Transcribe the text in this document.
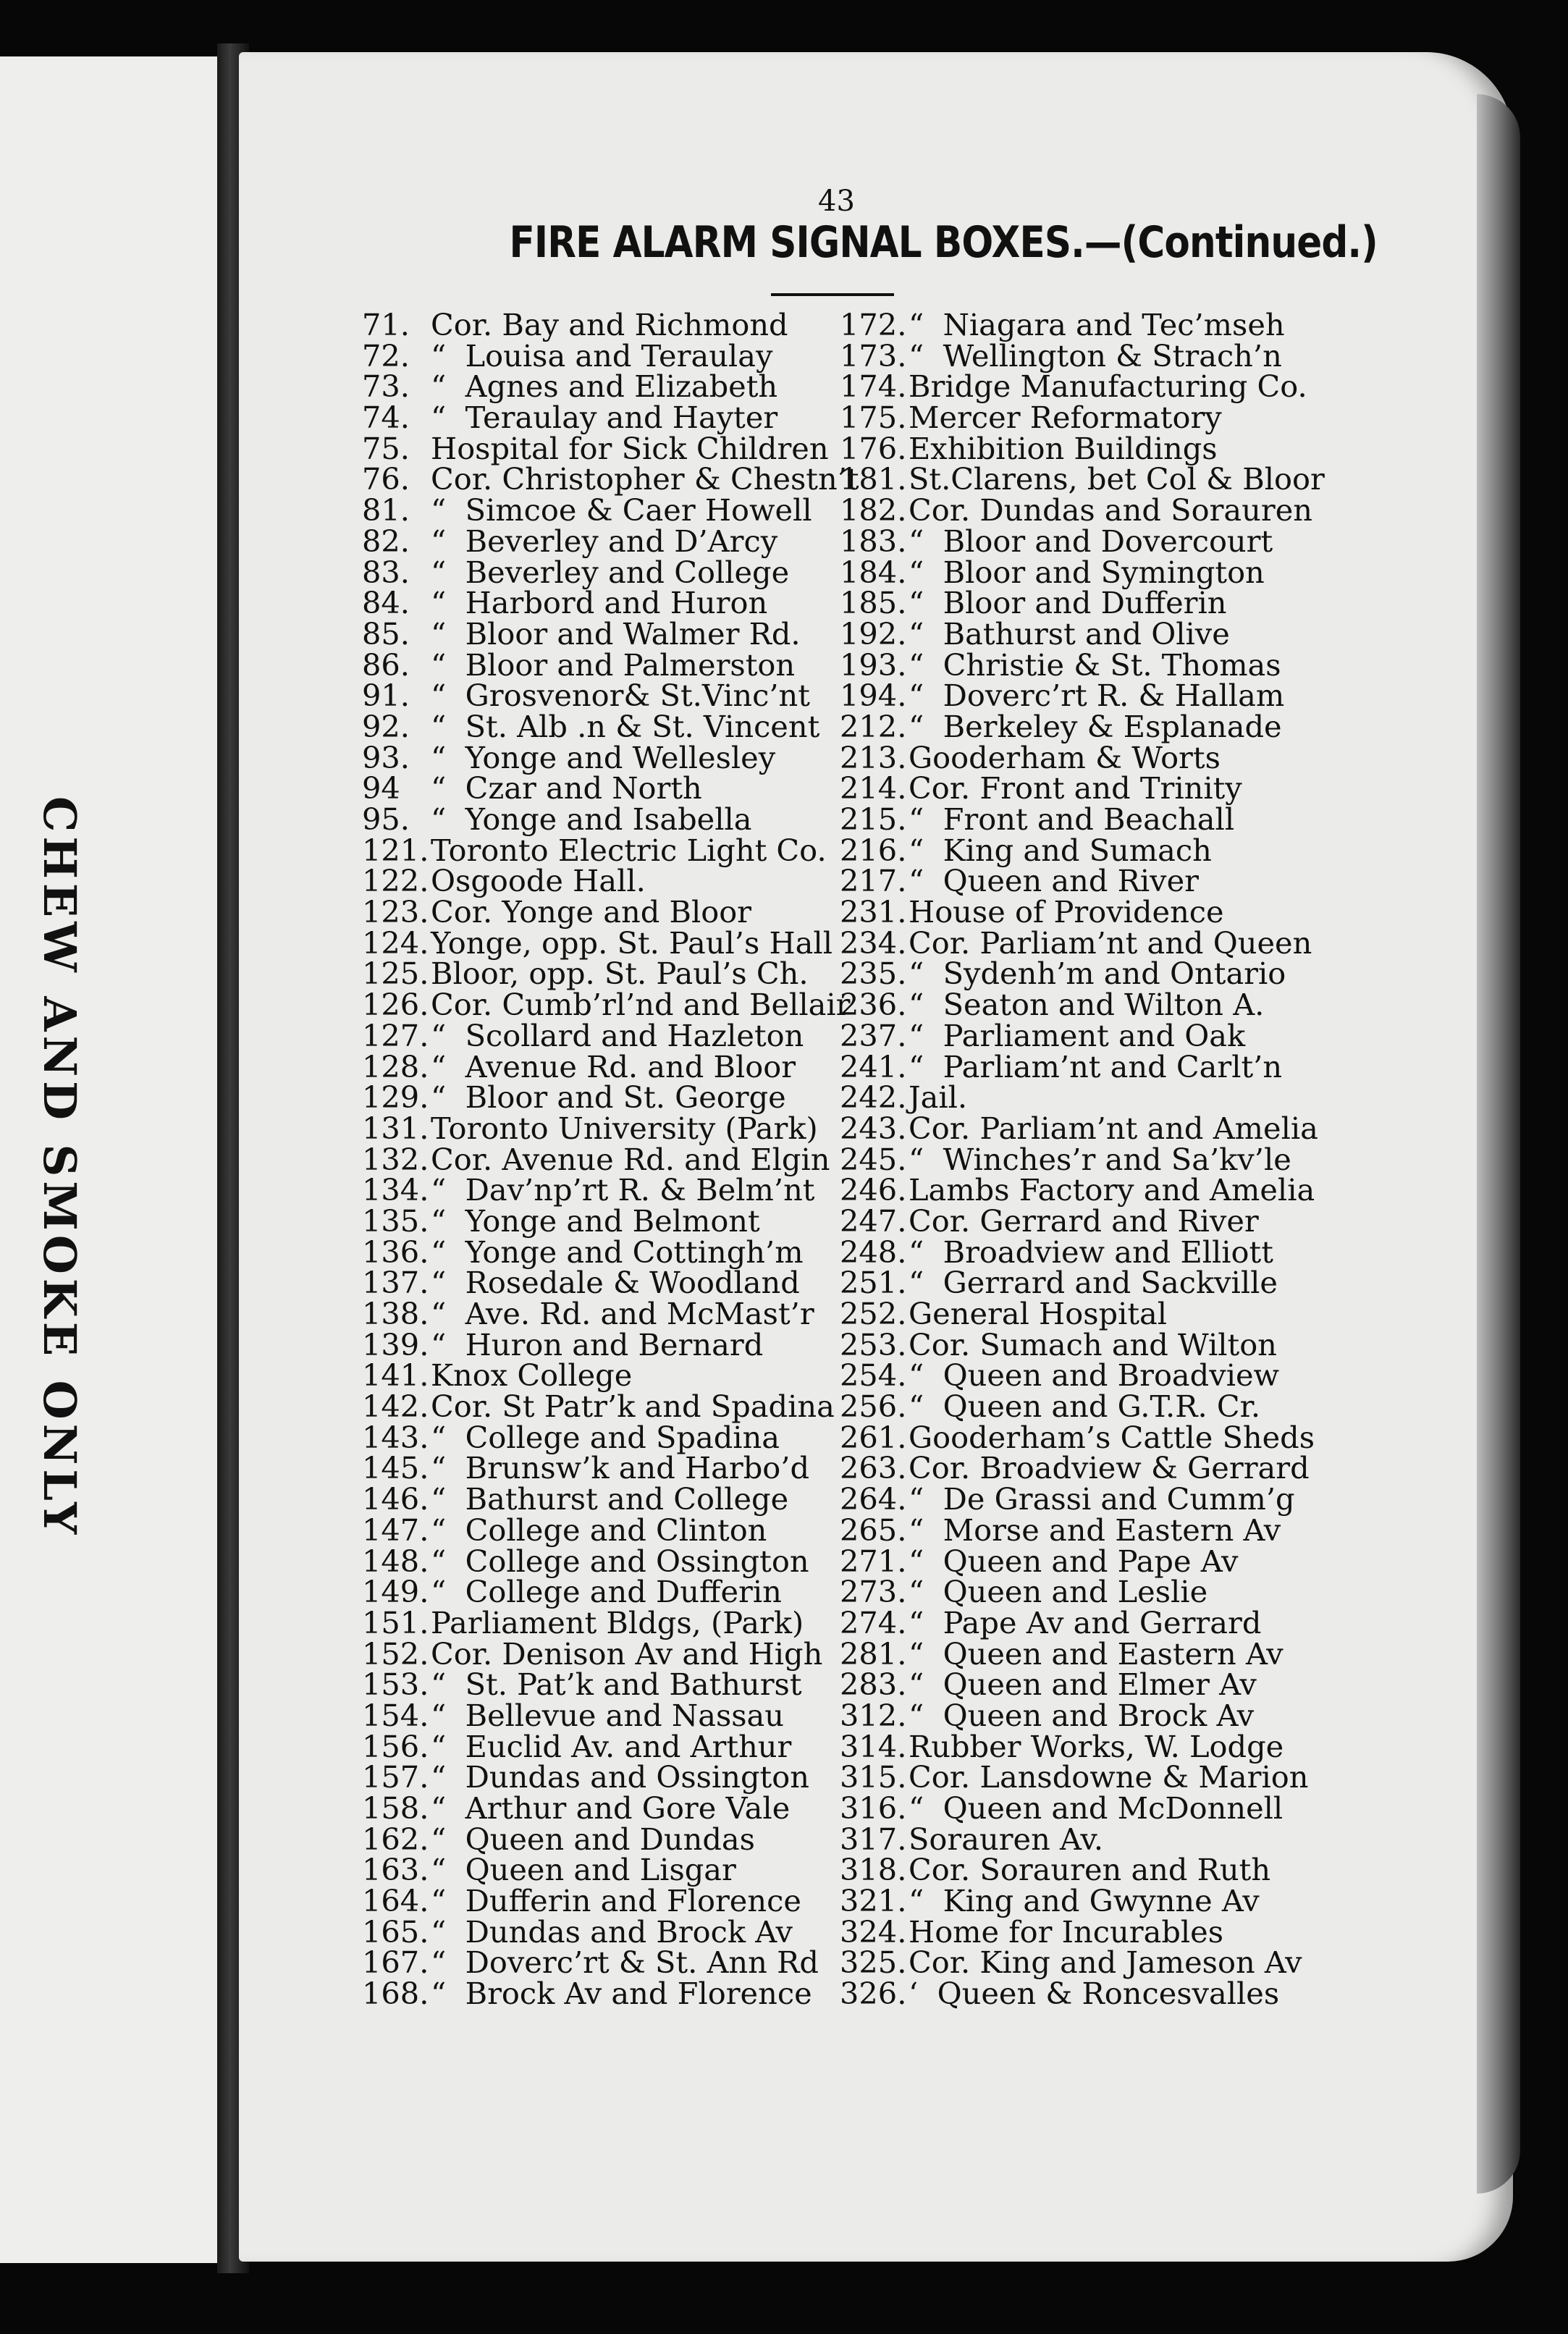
CHEW AND SMOKE ONLY
43
FIRE ALARM SIGNAL BOXES.—(Continued.)
71. Cor. Bay and Richmond
72. “  Louisa and Teraulay
73. “  Agnes and Elizabeth
74. “  Teraulay and Hayter
75. Hospital for Sick Children
76. Cor. Christopher & Chestn’t
81. “  Simcoe & Caer Howell
82. “  Beverley and D’Arcy
83. “  Beverley and College
84. “  Harbord and Huron
85. “  Bloor and Walmer Rd.
86. “  Bloor and Palmerston
91. “  Grosvenor& St.Vinc’nt
92. “  St. Alb .n & St. Vincent
93. “  Yonge and Wellesley
94	“  Czar and North
95. “  Yonge and Isabella
121. Toronto Electric Light Co.
122. Osgoode Hall.
123. Cor. Yonge and Bloor
124. Yonge, opp. St. Paul’s Hall
125. Bloor, opp. St. Paul’s Ch.
126. Cor. Cumb’rl’nd and Bellair
127. “  Scollard and Hazleton
128. “  Avenue Rd. and Bloor
129. “  Bloor and St. George
131. Toronto University (Park)
132. Cor. Avenue Rd. and Elgin
134. “  Dav’np’rt R. & Belm’nt
135. “  Yonge and Belmont
136. “  Yonge and Cottingh’m
137. “  Rosedale & Woodland
138. “  Ave. Rd. and McMast’r
139. “  Huron and Bernard
141. Knox College
142. Cor. St Patr’k and Spadina
143. “  College and Spadina
145. “  Brunsw’k and Harbo’d
146. “  Bathurst and College
147. “  College and Clinton
148. “  College and Ossington
149. “  College and Dufferin
151. Parliament Bldgs, (Park)
152. Cor. Denison Av and High
153. “  St. Pat’k and Bathurst
154. “  Bellevue and Nassau
156. “  Euclid Av. and Arthur
157. “  Dundas and Ossington
158. “  Arthur and Gore Vale
162. “  Queen and Dundas
163. “  Queen and Lisgar
164. “  Dufferin and Florence
165. “  Dundas and Brock Av
167. “  Doverc’rt & St. Ann Rd
168. “  Brock Av and Florence
172. “  Niagara and Tec’mseh
173. “  Wellington & Strach’n
174. Bridge Manufacturing Co.
175. Mercer Reformatory
176. Exhibition Buildings
181. St.Clarens, bet Col & Bloor
182. Cor. Dundas and Sorauren
183. “  Bloor and Dovercourt
184. “  Bloor and Symington
185. “  Bloor and Dufferin
192. “  Bathurst and Olive
193. “  Christie & St. Thomas
194. “  Doverc’rt R. & Hallam
212. “  Berkeley & Esplanade
213. Gooderham & Worts
214. Cor. Front and Trinity
215. “  Front and Beachall
216. “  King and Sumach
217. “  Queen and River
231. House of Providence
234. Cor. Parliam’nt and Queen
235. “  Sydenh’m and Ontario
236. “  Seaton and Wilton A.
237. “  Parliament and Oak
241. “  Parliam’nt and Carlt’n
242. Jail.
243. Cor. Parliam’nt and Amelia
245. “  Winches’r and Sa’kv’le
246. Lambs Factory and Amelia
247. Cor. Gerrard and River
248. “  Broadview and Elliott
251. “  Gerrard and Sackville
252. General Hospital
253. Cor. Sumach and Wilton
254. “  Queen and Broadview
256. “  Queen and G.T.R. Cr.
261. Gooderham’s Cattle Sheds
263. Cor. Broadview & Gerrard
264. “  De Grassi and Cumm’g
265. “  Morse and Eastern Av
271. “  Queen and Pape Av
273. “  Queen and Leslie
274. “  Pape Av and Gerrard
281. “  Queen and Eastern Av
283. “  Queen and Elmer Av
312. “  Queen and Brock Av
314. Rubber Works, W. Lodge
315. Cor. Lansdowne & Marion
316. “  Queen and McDonnell
317. Sorauren Av.
318. Cor. Sorauren and Ruth
321. “  King and Gwynne Av
324. Home for Incurables
325. Cor. King and Jameson Av
326. ‘  Queen & Roncesvalles
